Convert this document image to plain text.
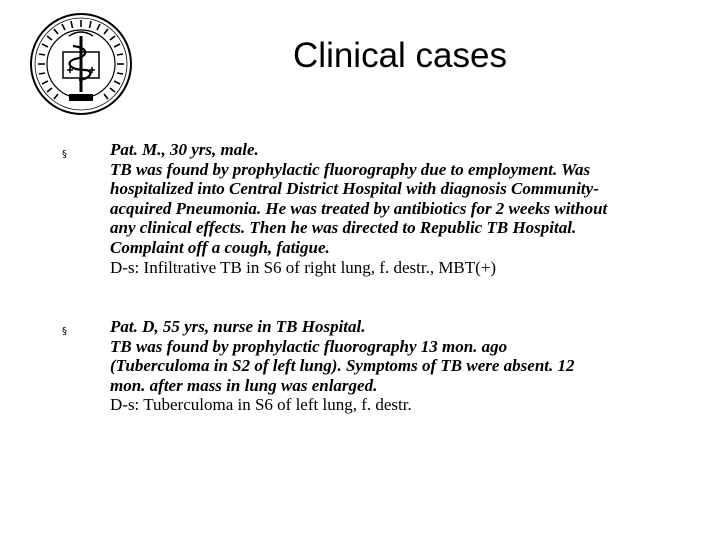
Clinical cases
§	Pat. M., 30 yrs, male.
TB was found by prophylactic fluorography due to employment. Was
hospitalized into Central District Hospital with diagnosis Community-
acquired Pneumonia. He was treated by antibiotics for 2 weeks without
any clinical effects. Then he was directed to Republic TB Hospital.
Complaint off a cough, fatigue.
D-s: Infiltrative TB in S6 of right lung, f. destr., MBT(+)
§	Pat. D, 55 yrs, nurse in TB Hospital.
TB was found by prophylactic fluorography 13 mon. ago
(Tuberculoma in S2 of left lung). Symptoms of TB were absent. 12
mon. after mass in lung was enlarged.
D-s: Tuberculoma in S6 of left lung, f. destr.
